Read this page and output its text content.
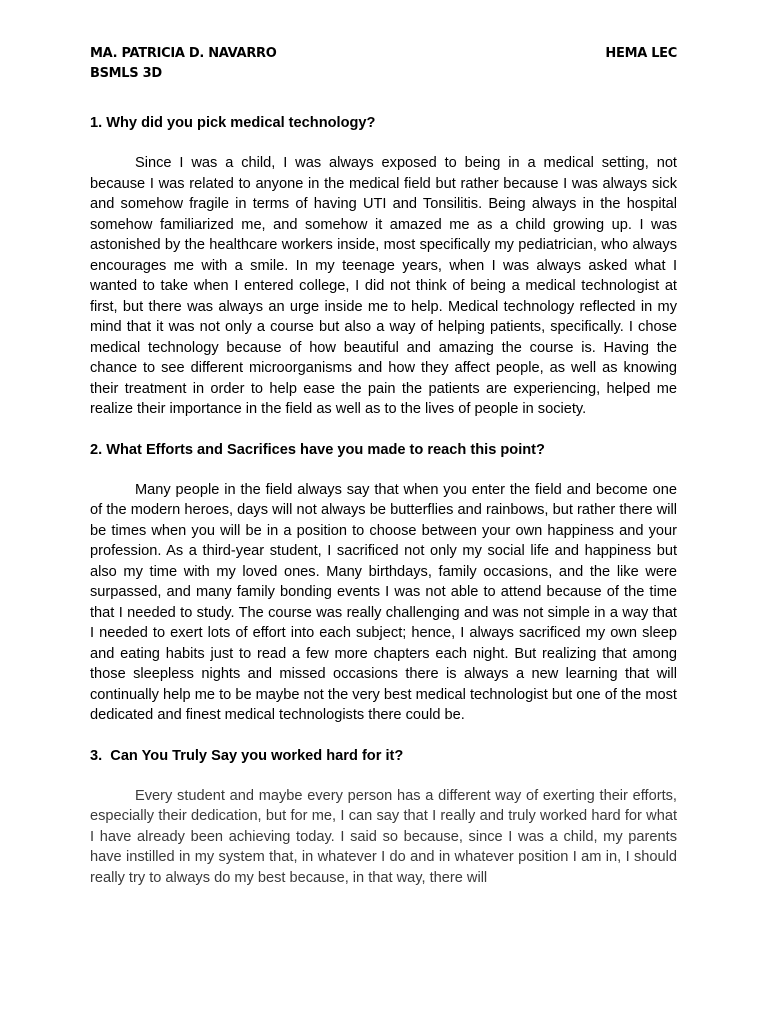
MA. PATRICIA D. NAVARRO
BSMLS 3D
HEMA LEC

1. Why did you pick medical technology?

Since I was a child, I was always exposed to being in a medical setting, not because I was related to anyone in the medical field but rather because I was always sick and somehow fragile in terms of having UTI and Tonsilitis. Being always in the hospital somehow familiarized me, and somehow it amazed me as a child growing up. I was astonished by the healthcare workers inside, most specifically my pediatrician, who always encourages me with a smile. In my teenage years, when I was always asked what I wanted to take when I entered college, I did not think of being a medical technologist at first, but there was always an urge inside me to help. Medical technology reflected in my mind that it was not only a course but also a way of helping patients, specifically. I chose medical technology because of how beautiful and amazing the course is. Having the chance to see different microorganisms and how they affect people, as well as knowing their treatment in order to help ease the pain the patients are experiencing, helped me realize their importance in the field as well as to the lives of people in society.

2. What Efforts and Sacrifices have you made to reach this point?

Many people in the field always say that when you enter the field and become one of the modern heroes, days will not always be butterflies and rainbows, but rather there will be times when you will be in a position to choose between your own happiness and your profession. As a third-year student, I sacrificed not only my social life and happiness but also my time with my loved ones. Many birthdays, family occasions, and the like were surpassed, and many family bonding events I was not able to attend because of the time that I needed to study. The course was really challenging and was not simple in a way that I needed to exert lots of effort into each subject; hence, I always sacrificed my own sleep and eating habits just to read a few more chapters each night. But realizing that among those sleepless nights and missed occasions there is always a new learning that will continually help me to be maybe not the very best medical technologist but one of the most dedicated and finest medical technologists there could be.

3.  Can You Truly Say you worked hard for it?

Every student and maybe every person has a different way of exerting their efforts, especially their dedication, but for me, I can say that I really and truly worked hard for what I have already been achieving today. I said so because, since I was a child, my parents have instilled in my system that, in whatever I do and in whatever position I am in, I should really try to always do my best because, in that way, there will
